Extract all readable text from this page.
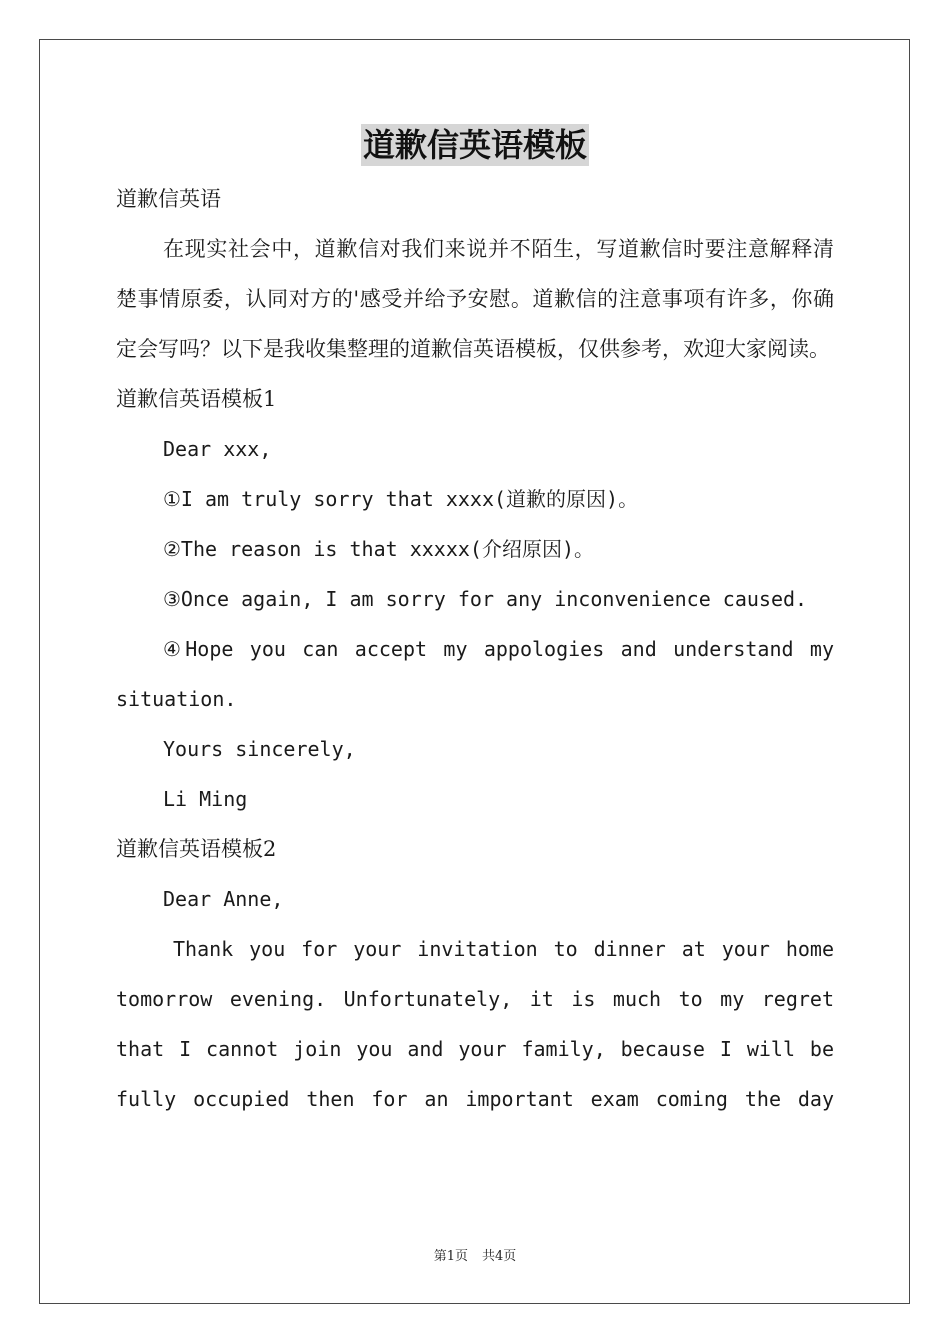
道歉信英语模板

道歉信英语

在现实社会中，道歉信对我们来说并不陌生，写道歉信时要注意解释清楚事情原委，认同对方的'感受并给予安慰。道歉信的注意事项有许多，你确定会写吗？以下是我收集整理的道歉信英语模板，仅供参考，欢迎大家阅读。

道歉信英语模板1

Dear xxx,

①I am truly sorry that xxxx(道歉的原因)。

②The reason is that xxxxx(介绍原因)。

③Once again, I am sorry for any inconvenience caused.

④Hope you can accept my appologies and understand my situation.

Yours sincerely,

Li Ming

道歉信英语模板2

Dear Anne,

Thank you for your invitation to dinner at your home tomorrow evening. Unfortunately, it is much to my regret that I cannot join you and your family, because I will be fully occupied then for an important exam coming the day

第1页 共4页
